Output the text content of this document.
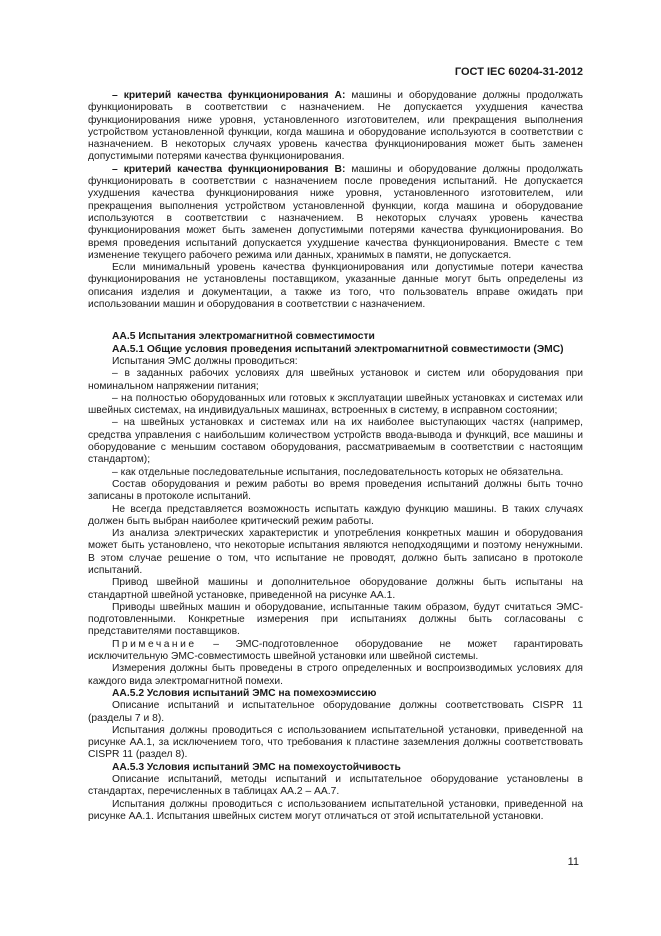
ГОСТ IEC 60204-31-2012

– критерий качества функционирования A: машины и оборудование должны продолжать функционировать в соответствии с назначением. Не допускается ухудшения качества функционирования ниже уровня, установленного изготовителем, или прекращения выполнения устройством установленной функции, когда машина и оборудование используются в соответствии с назначением. В некоторых случаях уровень качества функционирования может быть заменен допустимыми потерями качества функционирования.

– критерий качества функционирования B: машины и оборудование должны продолжать функционировать в соответствии с назначением после проведения испытаний. Не допускается ухудшения качества функционирования ниже уровня, установленного изготовителем, или прекращения выполнения устройством установленной функции, когда машина и оборудование используются в соответствии с назначением. В некоторых случаях уровень качества функционирования может быть заменен допустимыми потерями качества функционирования. Во время проведения испытаний допускается ухудшение качества функционирования. Вместе с тем изменение текущего рабочего режима или данных, хранимых в памяти, не допускается.

Если минимальный уровень качества функционирования или допустимые потери качества функционирования не установлены поставщиком, указанные данные могут быть определены из описания изделия и документации, а также из того, что пользователь вправе ожидать при использовании машин и оборудования в соответствии с назначением.

АА.5 Испытания электромагнитной совместимости

АА.5.1 Общие условия проведения испытаний электромагнитной совместимости (ЭМС)

Испытания ЭМС должны проводиться:

– в заданных рабочих условиях для швейных установок и систем или оборудования при номинальном напряжении питания;

– на полностью оборудованных или готовых к эксплуатации швейных установках и системах или швейных системах, на индивидуальных машинах, встроенных в систему, в исправном состоянии;

– на швейных установках и системах или на их наиболее выступающих частях (например, средства управления с наибольшим количеством устройств ввода-вывода и функций, все машины и оборудование с меньшим составом оборудования, рассматриваемым в соответствии с настоящим стандартом);

– как отдельные последовательные испытания, последовательность которых не обязательна.

Состав оборудования и режим работы во время проведения испытаний должны быть точно записаны в протоколе испытаний.

Не всегда представляется возможность испытать каждую функцию машины. В таких случаях должен быть выбран наиболее критический режим работы.

Из анализа электрических характеристик и употребления конкретных машин и оборудования может быть установлено, что некоторые испытания являются неподходящими и поэтому ненужными. В этом случае решение о том, что испытание не проводят, должно быть записано в протоколе испытаний.

Привод швейной машины и дополнительное оборудование должны быть испытаны на стандартной швейной установке, приведенной на рисунке АА.1.

Приводы швейных машин и оборудование, испытанные таким образом, будут считаться ЭМС-подготовленными. Конкретные измерения при испытаниях должны быть согласованы с представителями поставщиков.

Примечание – ЭМС-подготовленное оборудование не может гарантировать исключительную ЭМС-совместимость швейной установки или швейной системы.

Измерения должны быть проведены в строго определенных и воспроизводимых условиях для каждого вида электромагнитной помехи.

АА.5.2 Условия испытаний ЭМС на помехоэмиссию

Описание испытаний и испытательное оборудование должны соответствовать CISPR 11 (разделы 7 и 8).

Испытания должны проводиться с использованием испытательной установки, приведенной на рисунке АА.1, за исключением того, что требования к пластине заземления должны соответствовать CISPR 11 (раздел 8).

АА.5.3 Условия испытаний ЭМС на помехоустойчивость

Описание испытаний, методы испытаний и испытательное оборудование установлены в стандартах, перечисленных в таблицах АА.2 – АА.7.

Испытания должны проводиться с использованием испытательной установки, приведенной на рисунке АА.1. Испытания швейных систем могут отличаться от этой испытательной установки.

11
